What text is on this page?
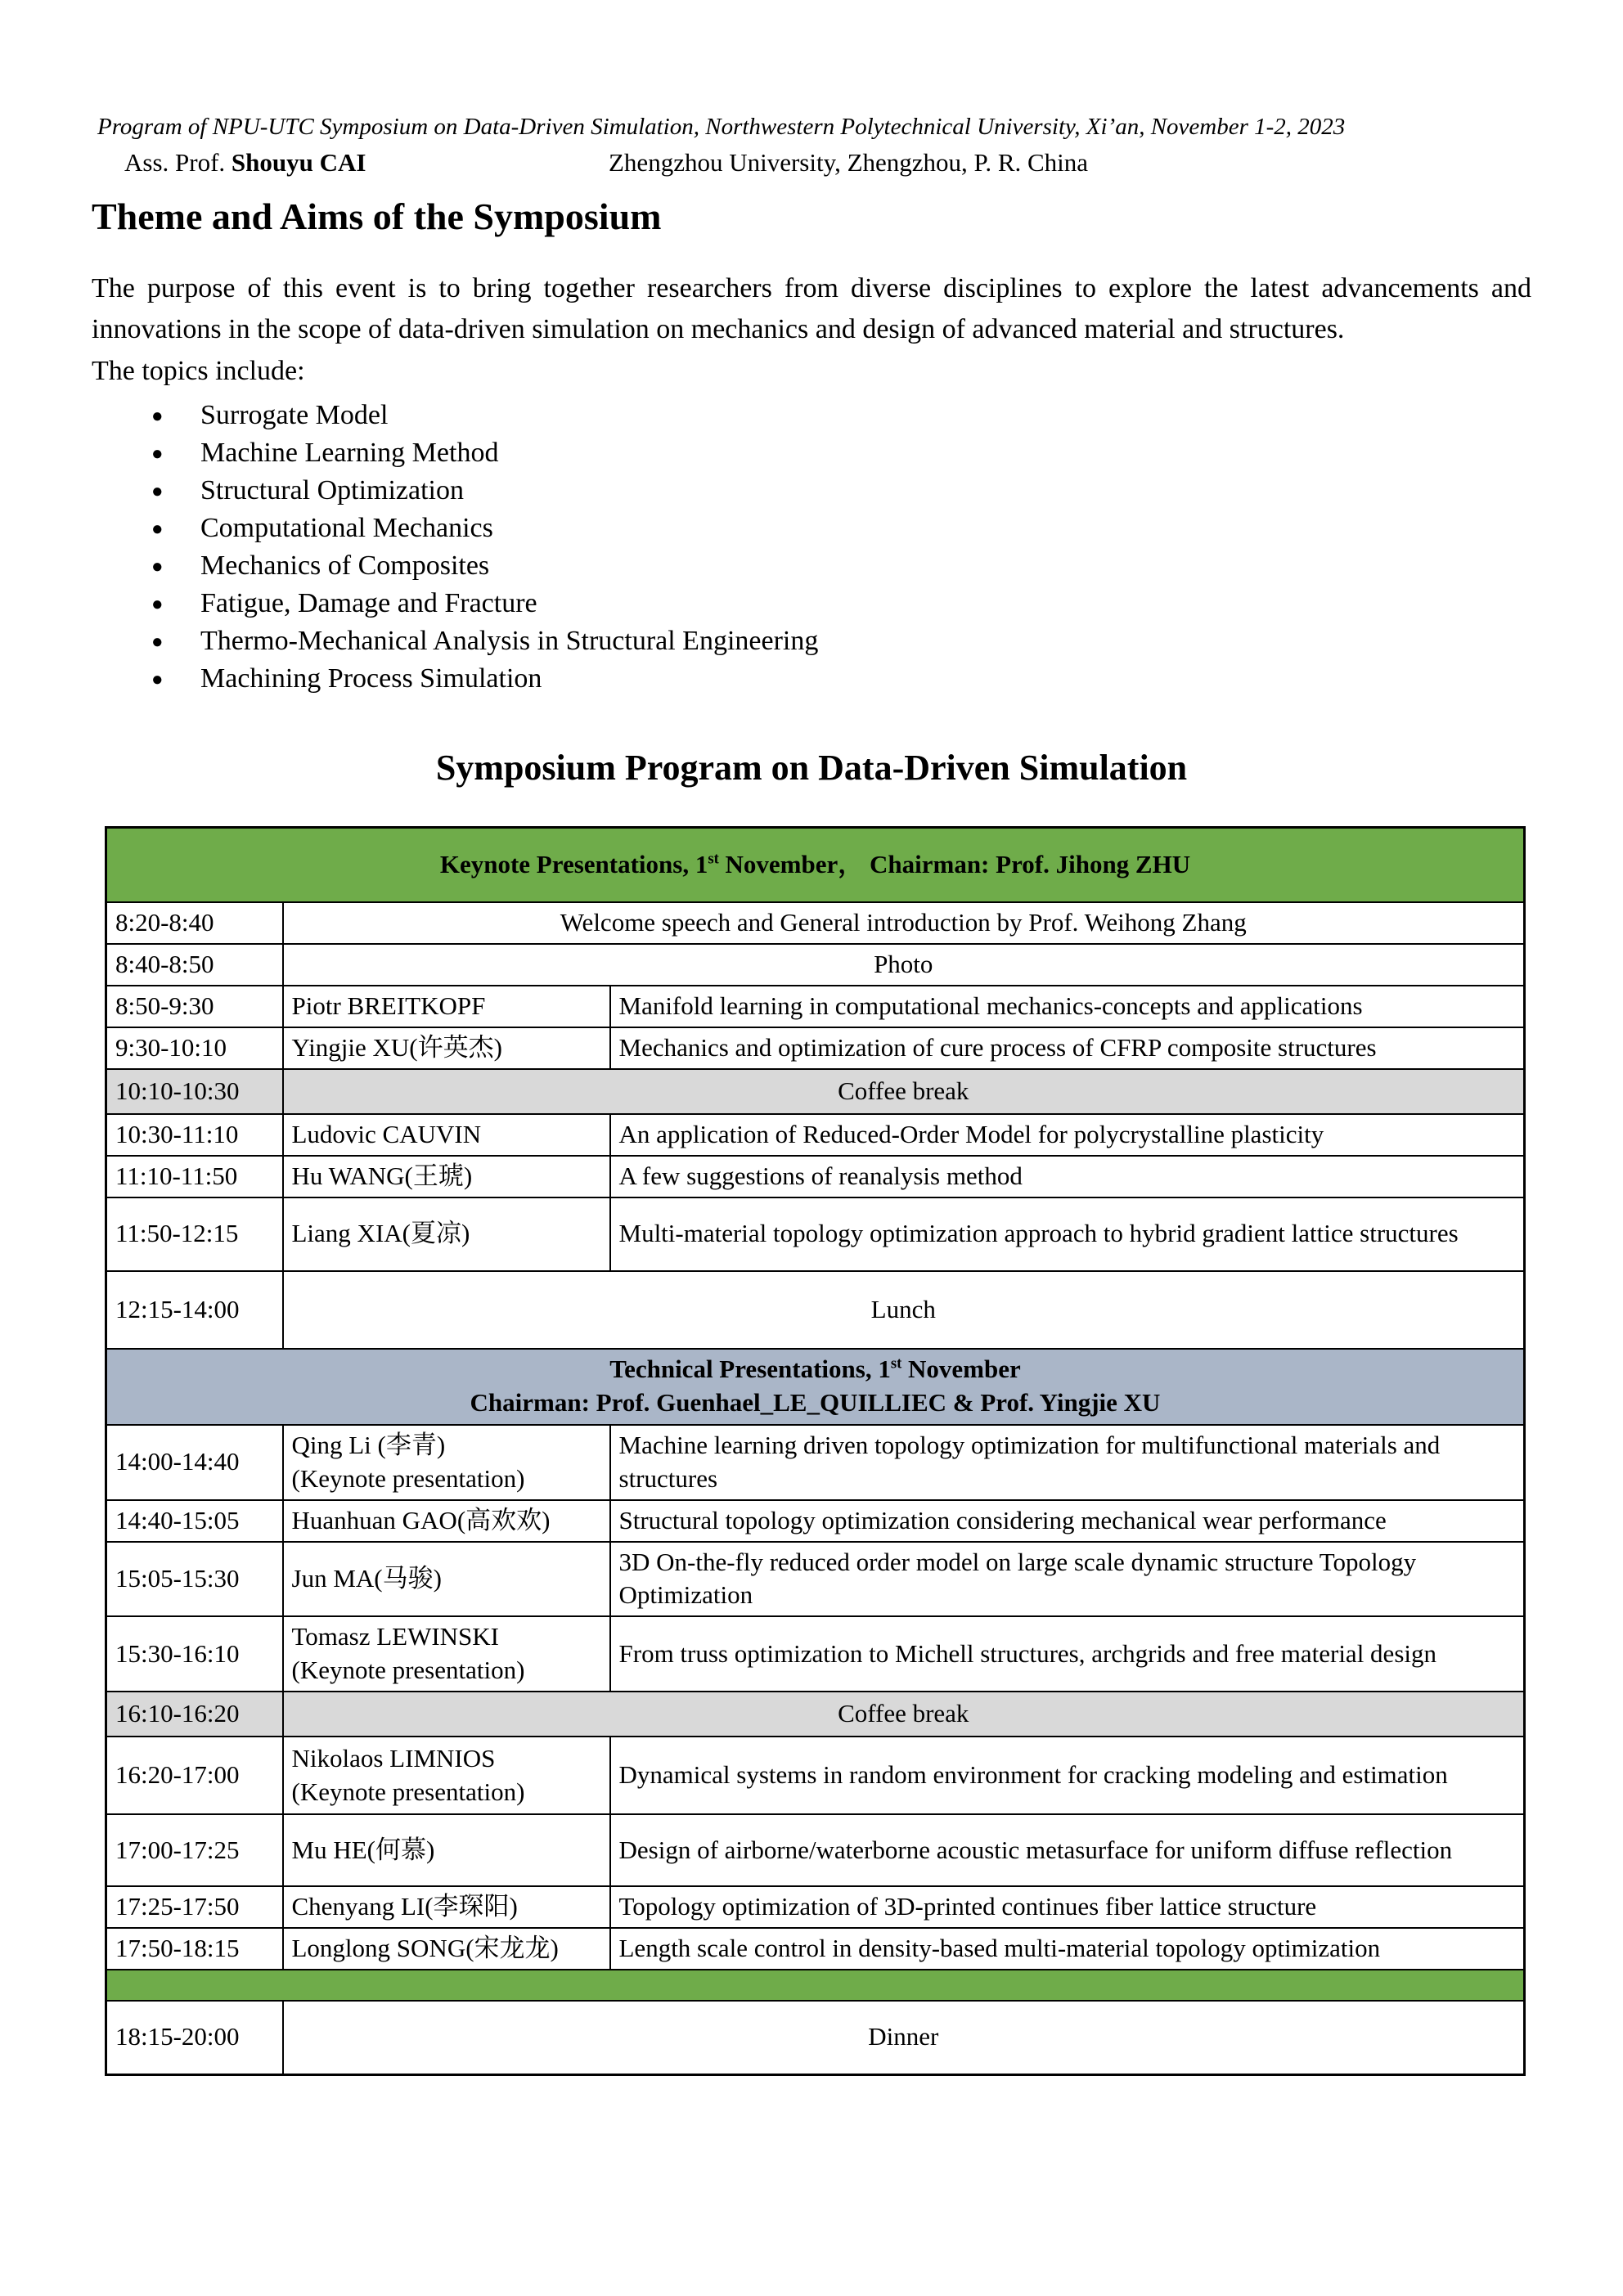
Program of NPU-UTC Symposium on Data-Driven Simulation, Northwestern Polytechnical University, Xi’an, November 1-2, 2023
Ass. Prof. Shouyu CAI	Zhengzhou University, Zhengzhou, P. R. China
Theme and Aims of the Symposium

The purpose of this event is to bring together researchers from diverse disciplines to explore the latest advancements and innovations in the scope of data-driven simulation on mechanics and design of advanced material and structures.

The topics include:

● Surrogate Model
● Machine Learning Method
● Structural Optimization
● Computational Mechanics
● Mechanics of Composites
● Fatigue, Damage and Fracture
● Thermo-Mechanical Analysis in Structural Engineering
● Machining Process Simulation
Symposium Program on Data-Driven Simulation
Keynote Presentations, 1st November， Chairman: Prof. Jihong ZHU		
8:20-8:40	Welcome speech and General introduction by Prof. Weihong Zhang	
8:40-8:50	Photo	
8:50-9:30	Piotr BREITKOPF	Manifold learning in computational mechanics-concepts and applications
9:30-10:10	Yingjie XU(许英杰)	Mechanics and optimization of cure process of CFRP composite structures
10:10-10:30	Coffee break	
10:30-11:10	Ludovic CAUVIN	An application of Reduced-Order Model for polycrystalline plasticity
11:10-11:50	Hu WANG(王琥)	A few suggestions of reanalysis method
11:50-12:15	Liang XIA(夏凉)	Multi-material topology optimization approach to hybrid gradient lattice structures
12:15-14:00	Lunch	
Technical Presentations, 1st November
Chairman: Prof. Guenhael_LE_QUILLIEC & Prof. Yingjie XU		
14:00-14:40	Qing Li (李青)
(Keynote presentation)	Machine learning driven topology optimization for multifunctional materials and structures
14:40-15:05	Huanhuan GAO(高欢欢)	Structural topology optimization considering mechanical wear performance
15:05-15:30	Jun MA(马骏)	3D On-the-fly reduced order model on large scale dynamic structure Topology Optimization
15:30-16:10	Tomasz LEWINSKI
(Keynote presentation)	From truss optimization to Michell structures, archgrids and free material design
16:10-16:20	Coffee break	
16:20-17:00	Nikolaos LIMNIOS
(Keynote presentation)	Dynamical systems in random environment for cracking modeling and estimation
17:00-17:25	Mu HE(何慕)	Design of airborne/waterborne acoustic metasurface for uniform diffuse reflection
17:25-17:50	Chenyang LI(李琛阳)	Topology optimization of 3D-printed continues fiber lattice structure
17:50-18:15	Longlong SONG(宋龙龙)	Length scale control in density-based multi-material topology optimization

18:15-20:00	Dinner	
